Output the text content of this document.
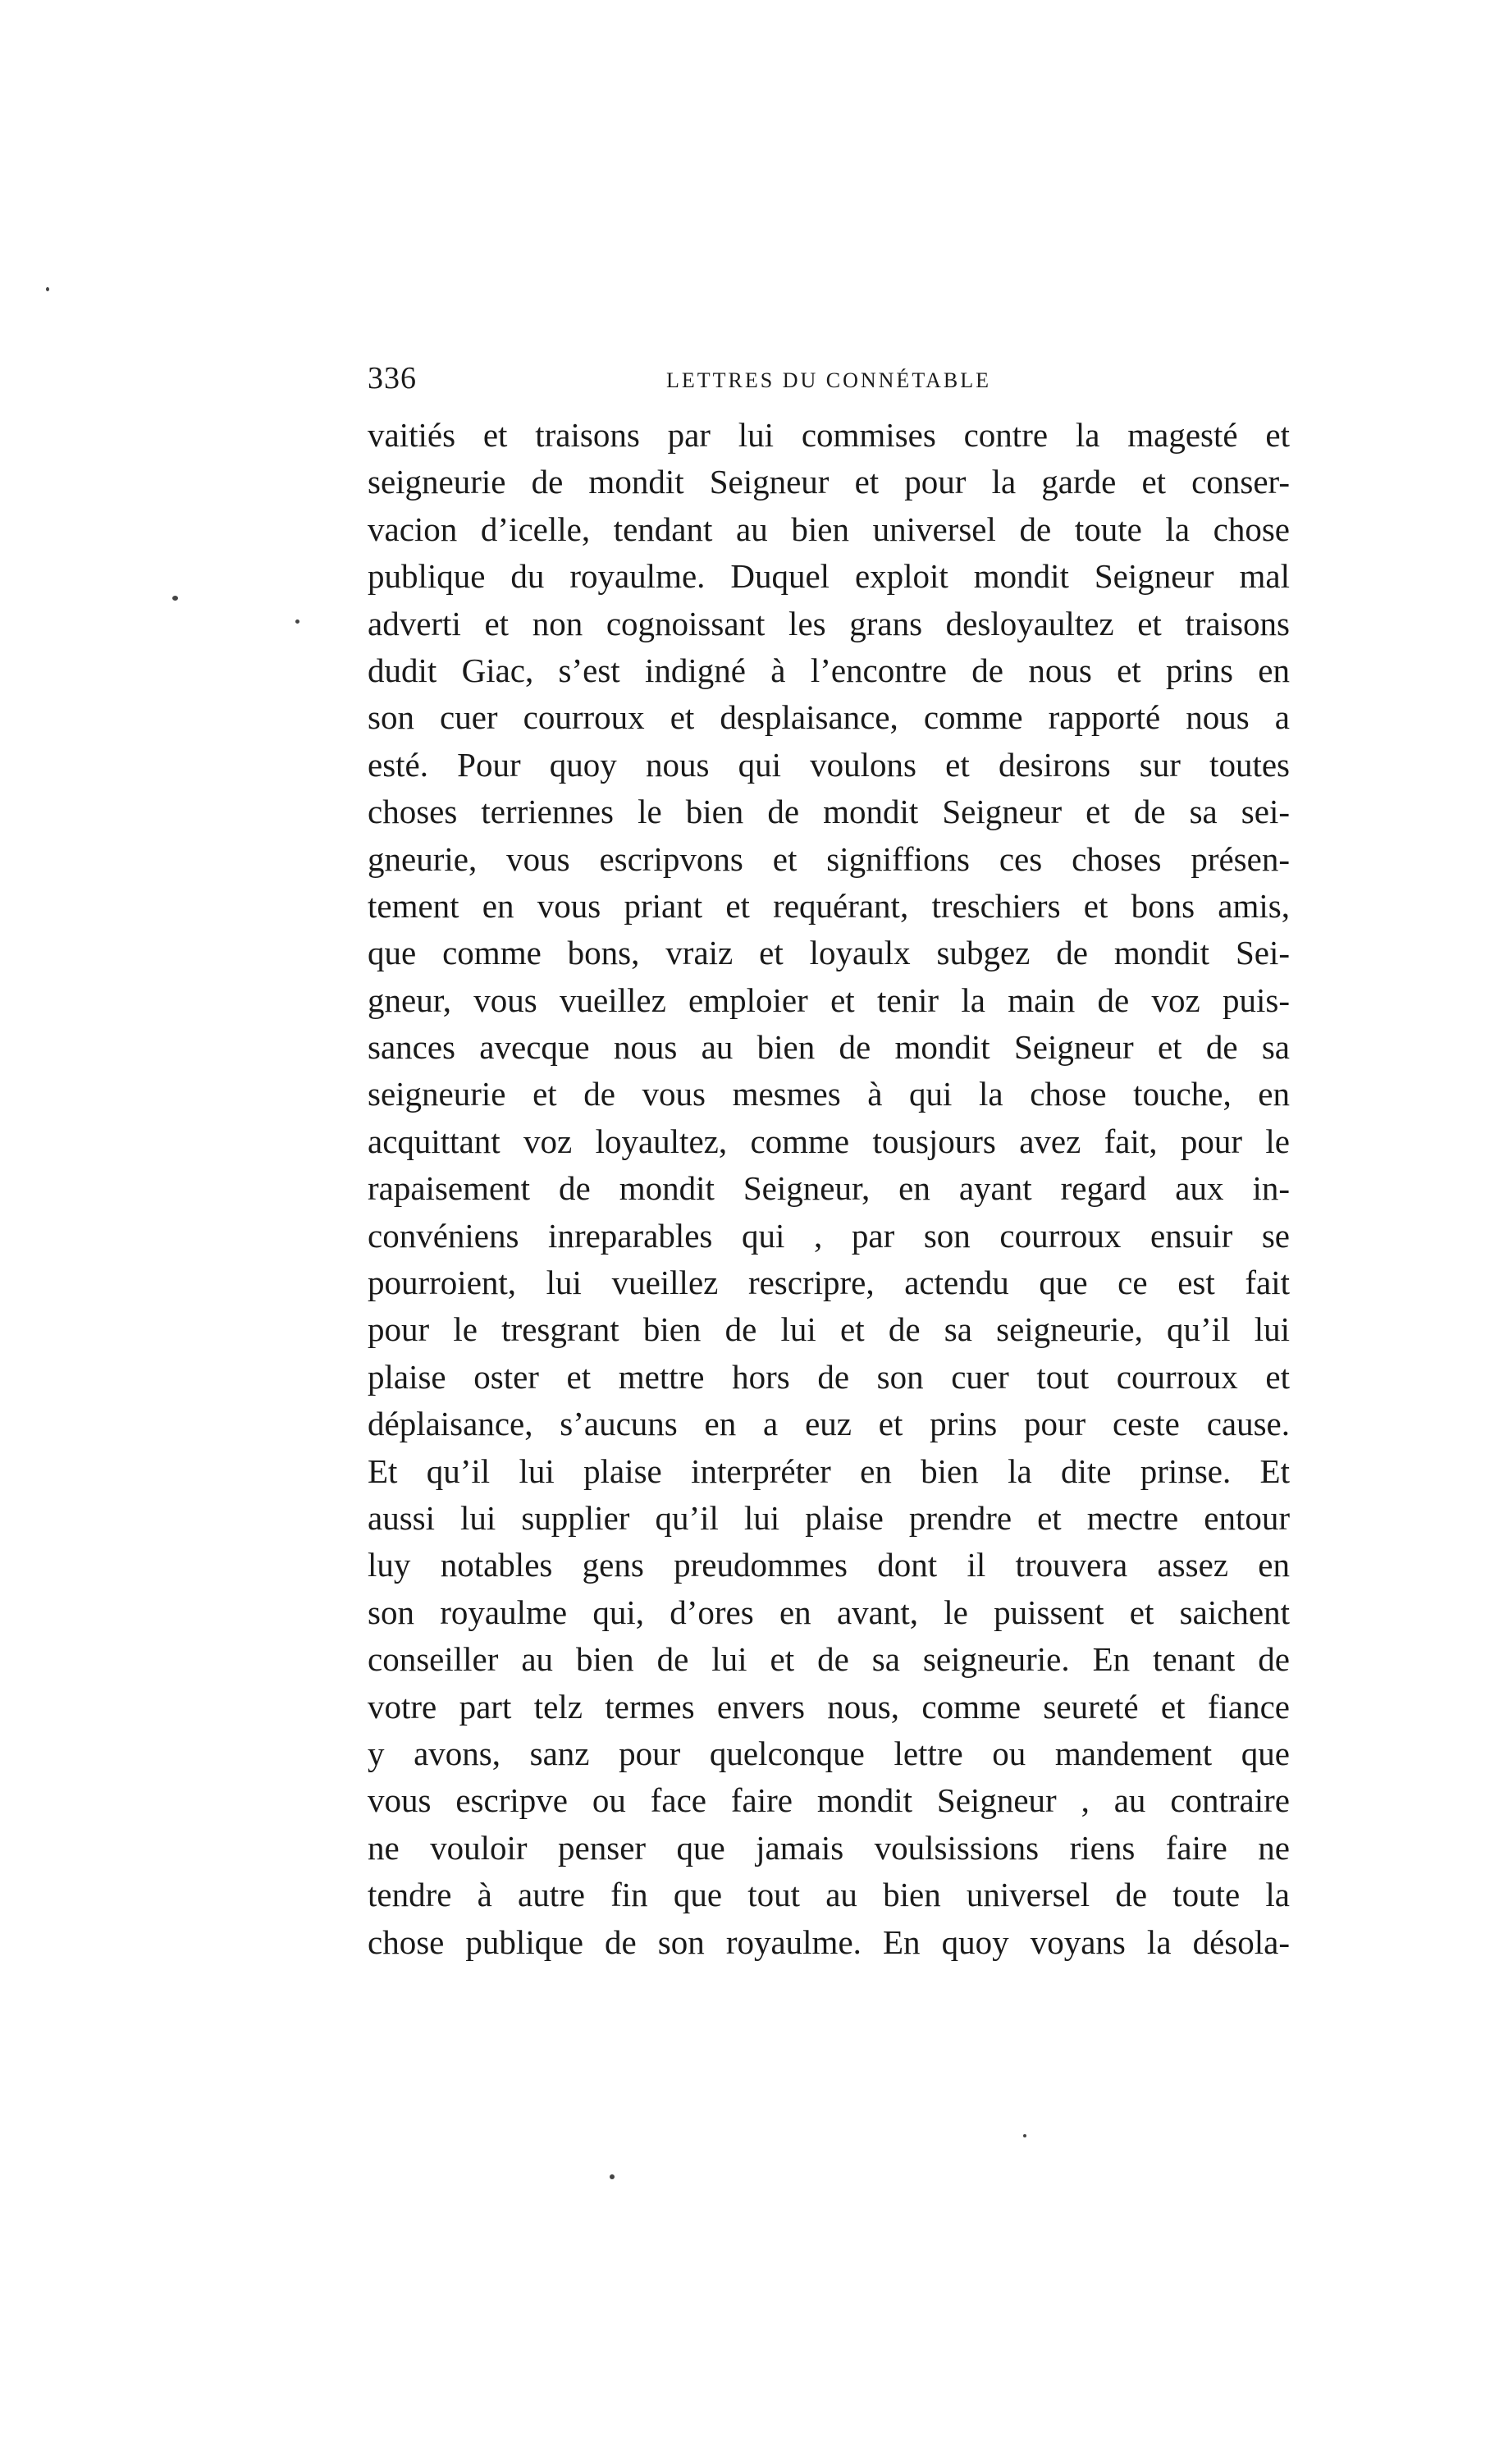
336	LETTRES DU CONNÉTABLE
vaitiés et traisons par lui commises contre la magesté et
seigneurie de mondit Seigneur et pour la garde et conser-
vacion d’icelle, tendant au bien universel de toute la chose
publique du royaulme. Duquel exploit mondit Seigneur mal
adverti et non cognoissant les grans desloyaultez et traisons
dudit Giac, s’est indigné à l’encontre de nous et prins en
son cuer courroux et desplaisance, comme rapporté nous a
esté. Pour quoy nous qui voulons et desirons sur toutes
choses terriennes le bien de mondit Seigneur et de sa sei-
gneurie, vous escripvons et signiffions ces choses présen-
tement en vous priant et requérant, treschiers et bons amis,
que comme bons, vraiz et loyaulx subgez de mondit Sei-
gneur, vous vueillez emploier et tenir la main de voz puis-
sances avecque nous au bien de mondit Seigneur et de sa
seigneurie et de vous mesmes à qui la chose touche, en
acquittant voz loyaultez, comme tousjours avez fait, pour le
rapaisement de mondit Seigneur, en ayant regard aux in-
convéniens inreparables qui , par son courroux ensuir se
pourroient, lui vueillez rescripre, actendu que ce est fait
pour le tresgrant bien de lui et de sa seigneurie, qu’il lui
plaise oster et mettre hors de son cuer tout courroux et
déplaisance, s’aucuns en a euz et prins pour ceste cause.
Et qu’il lui plaise interpréter en bien la dite prinse. Et
aussi lui supplier qu’il lui plaise prendre et mectre entour
luy notables gens preudommes dont il trouvera assez en
son royaulme qui, d’ores en avant, le puissent et saichent
conseiller au bien de lui et de sa seigneurie. En tenant de
votre part telz termes envers nous, comme seureté et fiance
y avons, sanz pour quelconque lettre ou mandement que
vous escripve ou face faire mondit Seigneur , au contraire
ne vouloir penser que jamais voulsissions riens faire ne
tendre à autre fin que tout au bien universel de toute la
chose publique de son royaulme. En quoy voyans la désola-
